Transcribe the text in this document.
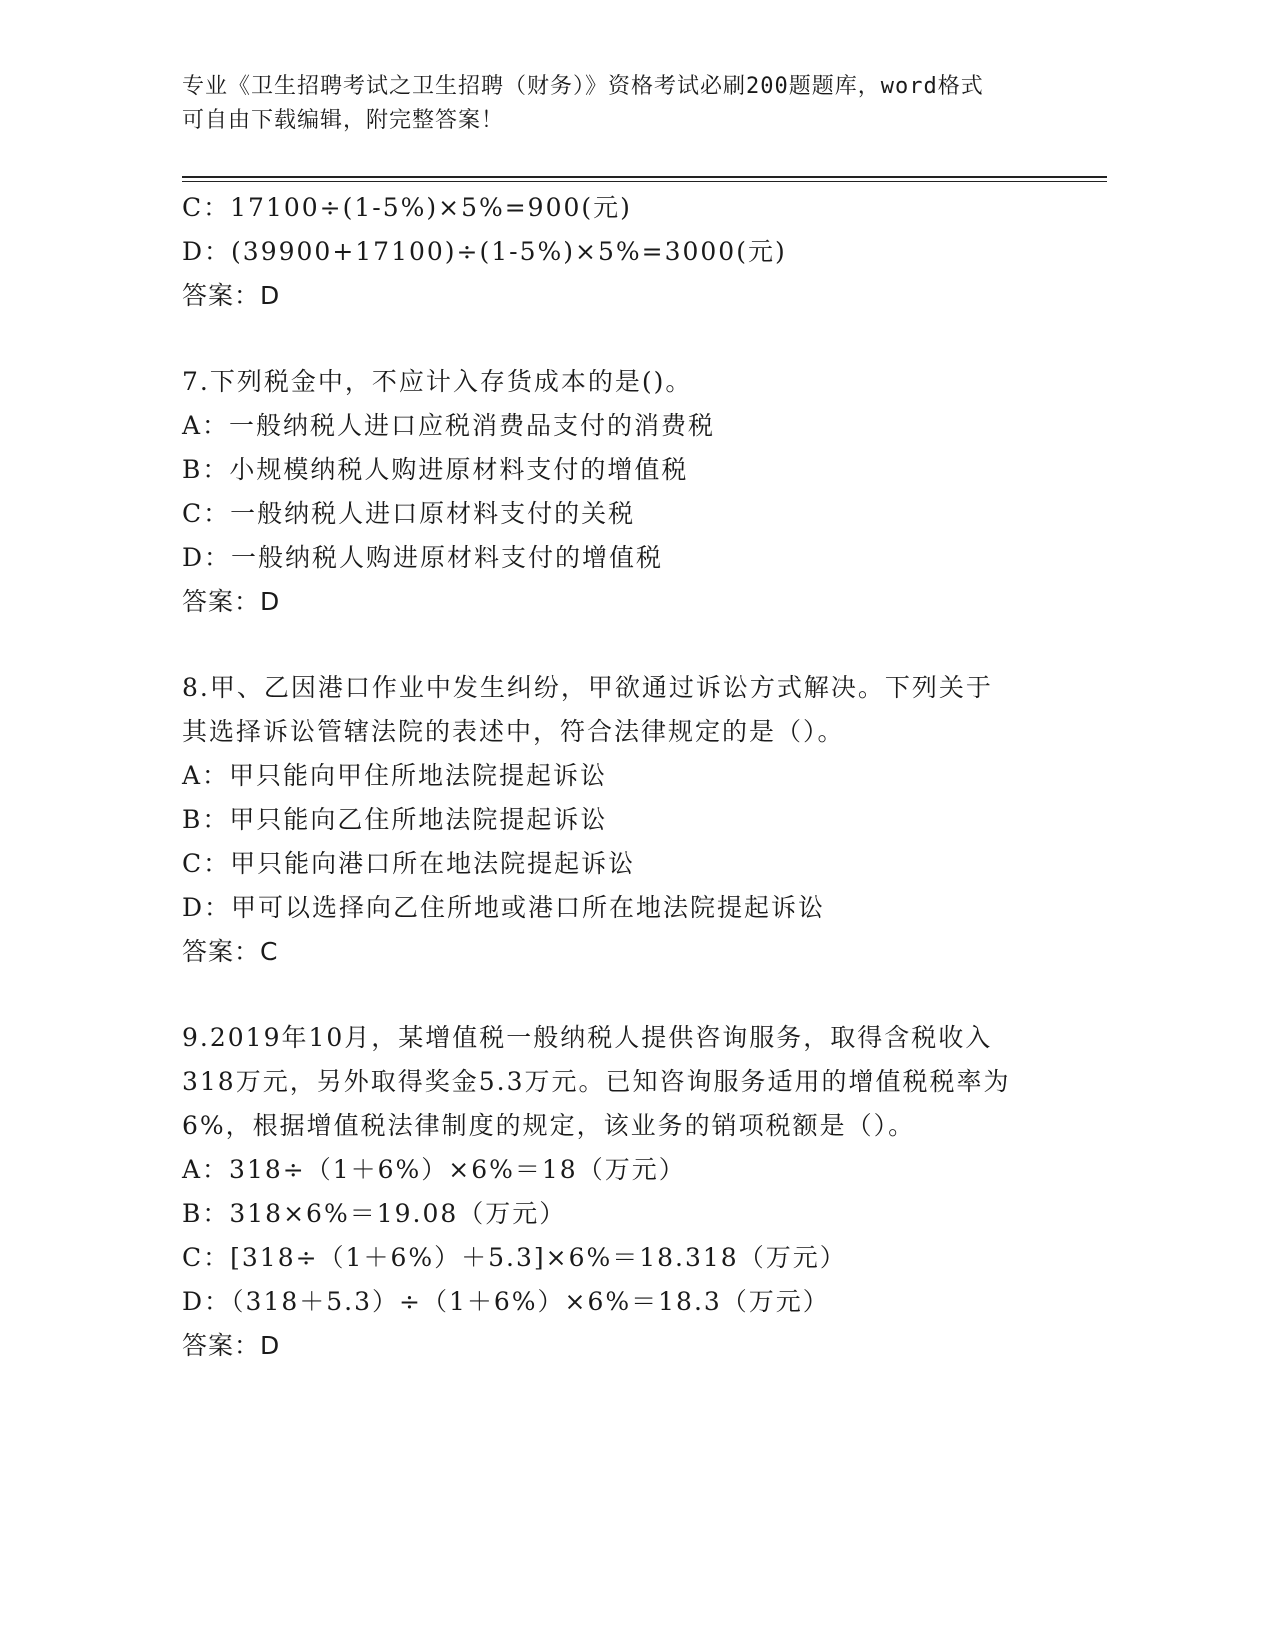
专业《卫生招聘考试之卫生招聘（财务）》资格考试必刷200题题库，word格式
可自由下载编辑，附完整答案！
C：17100÷(1-5%)×5%=900(元)
D：(39900+17100)÷(1-5%)×5%=3000(元)
答案：D
7.下列税金中，不应计入存货成本的是()。
A：一般纳税人进口应税消费品支付的消费税
B：小规模纳税人购进原材料支付的增值税
C：一般纳税人进口原材料支付的关税
D：一般纳税人购进原材料支付的增值税
答案：D
8.甲、乙因港口作业中发生纠纷，甲欲通过诉讼方式解决。下列关于
其选择诉讼管辖法院的表述中，符合法律规定的是（）。
A：甲只能向甲住所地法院提起诉讼
B：甲只能向乙住所地法院提起诉讼
C：甲只能向港口所在地法院提起诉讼
D：甲可以选择向乙住所地或港口所在地法院提起诉讼
答案：C
9.2019年10月，某增值税一般纳税人提供咨询服务，取得含税收入
318万元，另外取得奖金5.3万元。已知咨询服务适用的增值税税率为
6%，根据增值税法律制度的规定，该业务的销项税额是（）。
A：318÷（1＋6%）×6%＝18（万元）
B：318×6%＝19.08（万元）
C：[318÷（1＋6%）＋5.3]×6%＝18.318（万元）
D：（318＋5.3）÷（1＋6%）×6%＝18.3（万元）
答案：D
